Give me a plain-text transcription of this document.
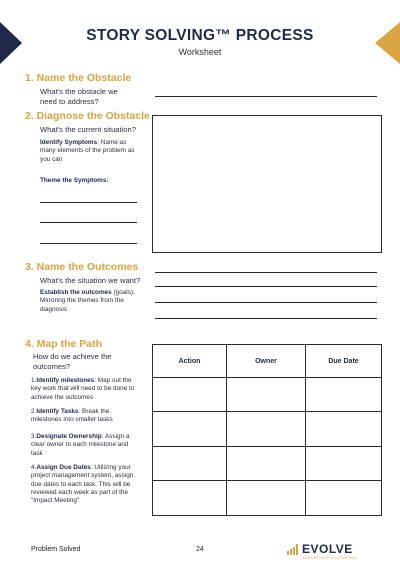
STORY SOLVING™ PROCESS
Worksheet
1. Name the Obstacle
What's the obstacle we
need to address?
2. Diagnose the Obstacle
What's the current situation?
Identify Symptoms: Name as
many elements of the problem as
you can
Theme the Symptoms:
3. Name the Outcomes
What's the situation we want?
Establish the outcomes (goals):
Mirroring the themes from the
diagnosis
4. Map the Path
How do we achieve the
outcomes?
1.Identify milestones: Map out the
key work that will need to be done to
achieve the outcomes
2.Identify Tasks: Break the
milestones into smaller tasks
3.Designate Ownership: Assign a
clear owner to each milestone and
task
4.Assign Due Dates: Utilizing your
project management system, assign
due dates to each task. This will be
reviewed each week as part of the
"Impact Meeting"
Action	Owner	Due Date

Problem Solved	24	EVOLVE
LEADERSHIP CONSULTING
